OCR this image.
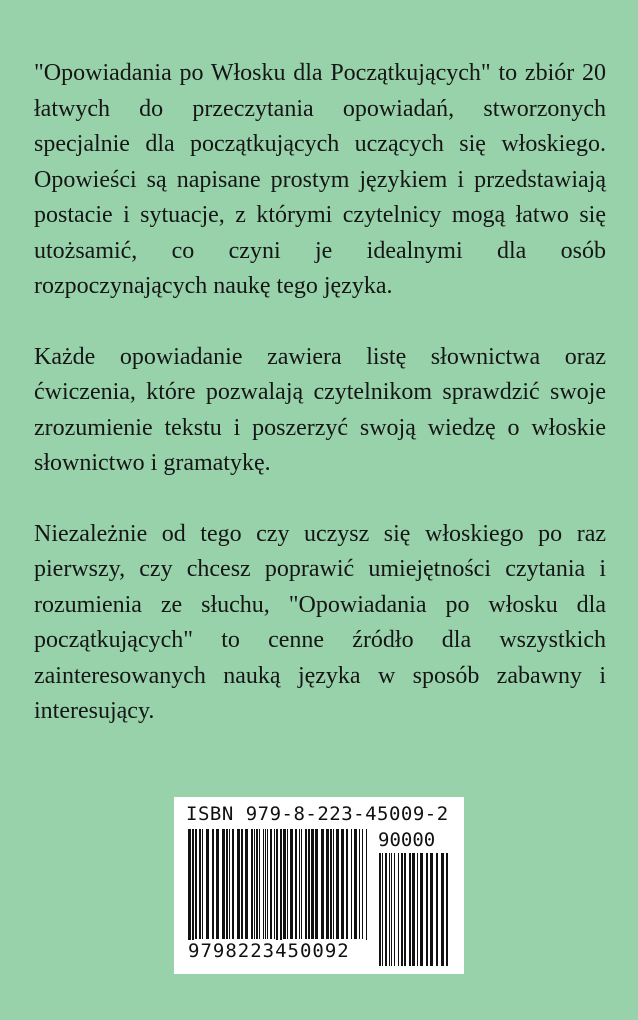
"Opowiadania po Włosku dla Początkujących" to zbiór 20 łatwych do przeczytania opowiadań, stworzonych specjalnie dla początkujących uczących się włoskiego. Opowieści są napisane prostym językiem i przedstawiają postacie i sytuacje, z którymi czytelnicy mogą łatwo się utożsamić, co czyni je idealnymi dla osób rozpoczynających naukę tego języka.

Każde opowiadanie zawiera listę słownictwa oraz ćwiczenia, które pozwalają czytelnikom sprawdzić swoje zrozumienie tekstu i poszerzyć swoją wiedzę o włoskie słownictwo i gramatykę.

Niezależnie od tego czy uczysz się włoskiego po raz pierwszy, czy chcesz poprawić umiejętności czytania i rozumienia ze słuchu, "Opowiadania po włosku dla początkujących" to cenne źródło dla wszystkich zainteresowanych nauką języka w sposób zabawny i interesujący.

ISBN 979-8-223-45009-2
90000
9798223450092
